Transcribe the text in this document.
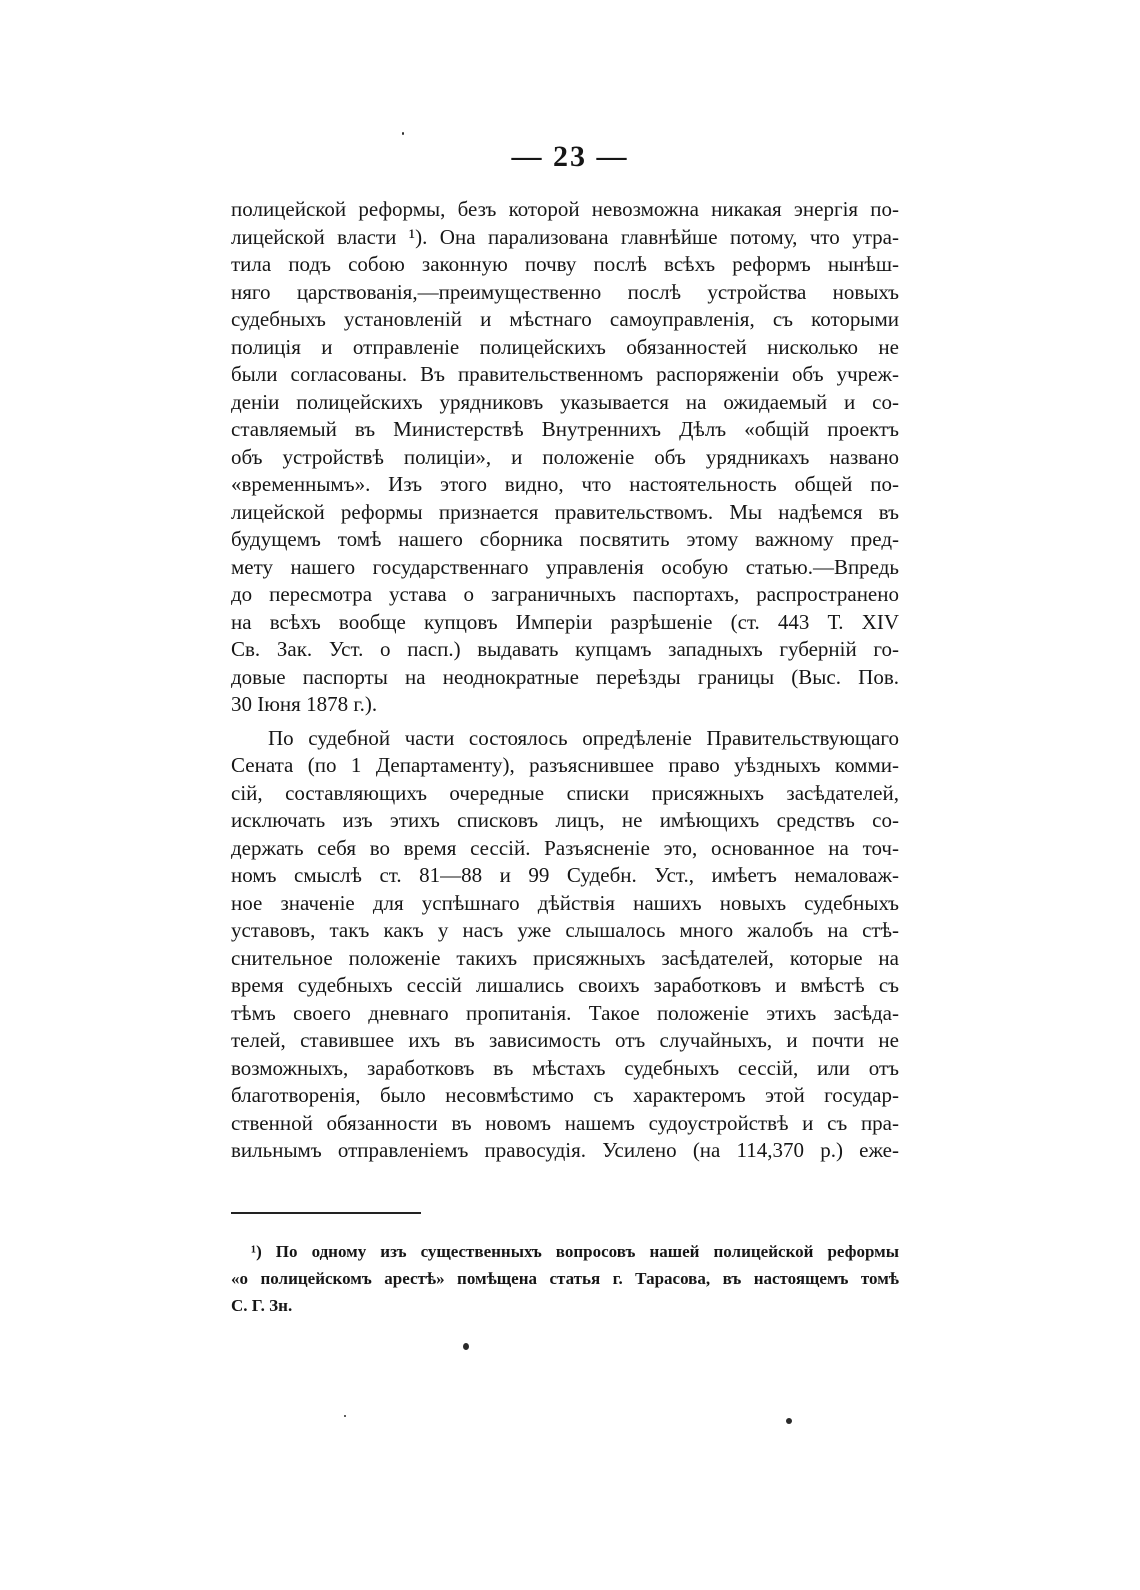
— 23 —
полицейской реформы, безъ которой невозможна никакая энергія по-
лицейской власти ¹). Она парализована главнѣйше потому, что утра-
тила подъ собою законную почву послѣ всѣхъ реформъ нынѣш-
няго царствованія,—преимущественно послѣ устройства новыхъ
судебныхъ установленій и мѣстнаго самоуправленія, съ которыми
полиція и отправленіе полицейскихъ обязанностей нисколько не
были согласованы. Въ правительственномъ распоряженіи объ учреж-
деніи полицейскихъ урядниковъ указывается на ожидаемый и со-
ставляемый въ Министерствѣ Внутреннихъ Дѣлъ «общій проектъ
объ устройствѣ полиціи», и положеніе объ урядникахъ названо
«временнымъ». Изъ этого видно, что настоятельность общей по-
лицейской реформы признается правительствомъ. Мы надѣемся въ
будущемъ томѣ нашего сборника посвятить этому важному пред-
мету нашего государственнаго управленія особую статью.—Впредь
до пересмотра устава о заграничныхъ паспортахъ, распространено
на всѣхъ вообще купцовъ Имперіи разрѣшеніе (ст. 443 Т. XIV
Св. Зак. Уст. о пасп.) выдавать купцамъ западныхъ губерній го-
довые паспорты на неоднократные переѣзды границы (Выс. Пов.
30 Іюня 1878 г.).
По судебной части состоялось опредѣленіе Правительствующаго
Сената (по 1 Департаменту), разъяснившее право уѣздныхъ комми-
сій, составляющихъ очередные списки присяжныхъ засѣдателей,
исключать изъ этихъ списковъ лицъ, не имѣющихъ средствъ со-
держать себя во время сессій. Разъясненіе это, основанное на точ-
номъ смыслѣ ст. 81—88 и 99 Судебн. Уст., имѣетъ немаловаж-
ное значеніе для успѣшнаго дѣйствія нашихъ новыхъ судебныхъ
уставовъ, такъ какъ у насъ уже слышалось много жалобъ на стѣ-
снительное положеніе такихъ присяжныхъ засѣдателей, которые на
время судебныхъ сессій лишались своихъ заработковъ и вмѣстѣ съ
тѣмъ своего дневнаго пропитанія. Такое положеніе этихъ засѣда-
телей, ставившее ихъ въ зависимость отъ случайныхъ, и почти не
возможныхъ, заработковъ въ мѣстахъ судебныхъ сессій, или отъ
благотворенія, было несовмѣстимо съ характеромъ этой государ-
ственной обязанности въ новомъ нашемъ судоустройствѣ и съ пра-
вильнымъ отправленіемъ правосудія. Усилено (на 114,370 р.) еже-
¹) По одному изъ существенныхъ вопросовъ нашей полицейской реформы
«о полицейскомъ арестѣ» помѣщена статья г. Тарасова, въ настоящемъ томѣ
С. Г. Зн.
